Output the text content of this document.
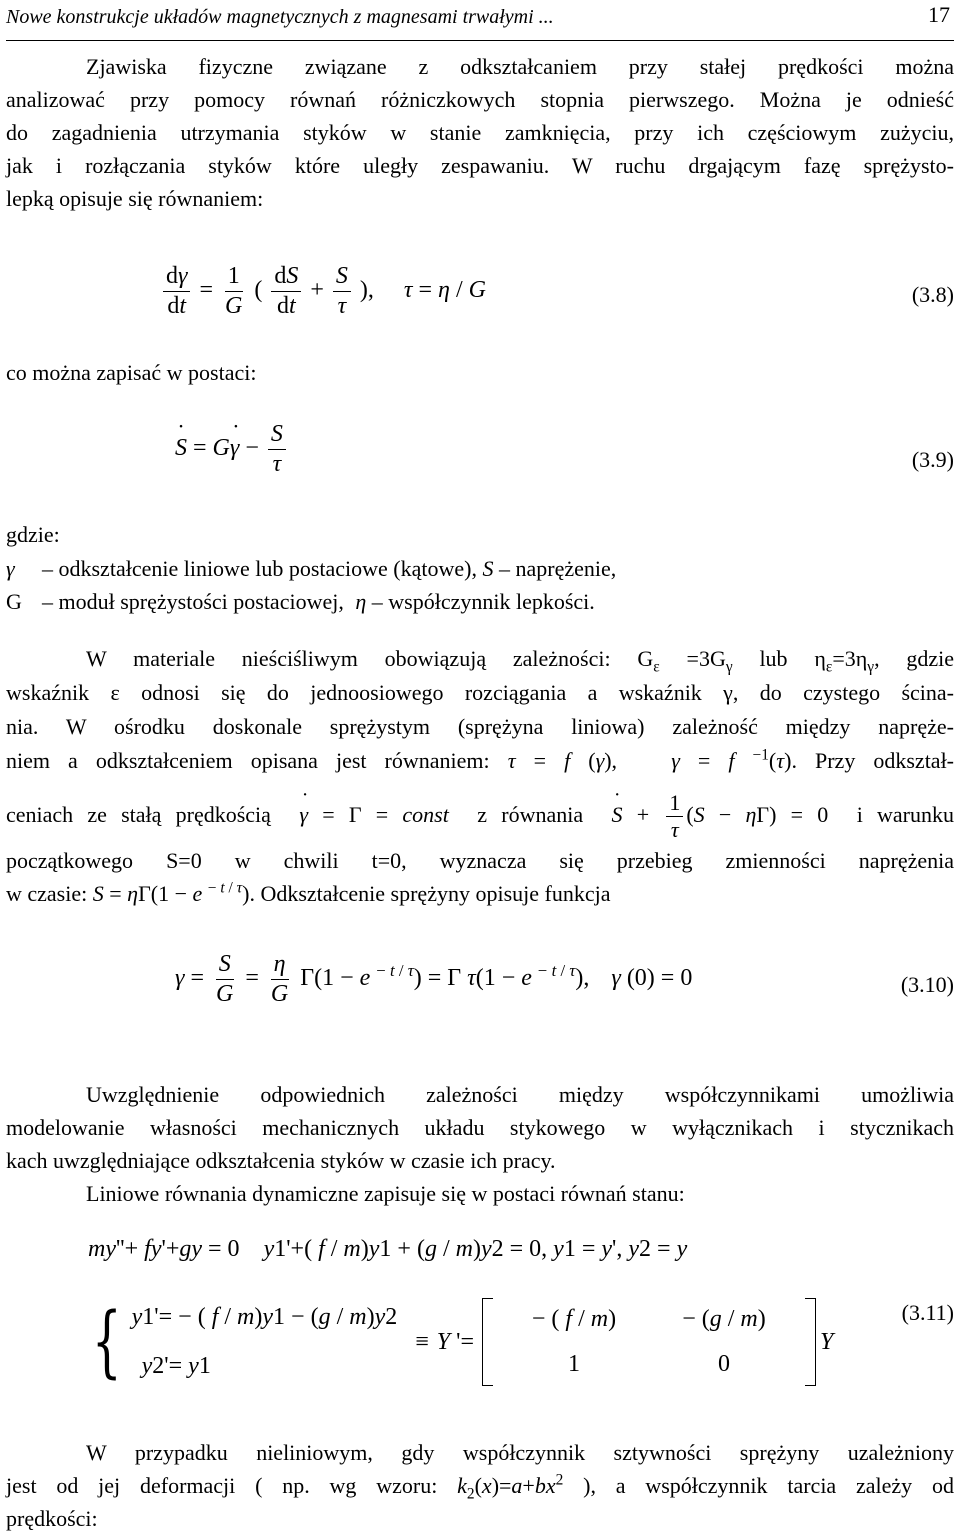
Nowe konstrukcje układów magnetycznych z magnesami trwałymi ...	17
Zjawiska fizyczne związane z odkształcaniem przy stałej prędkości można
analizować przy pomocy równań różniczkowych stopnia pierwszego. Można je odnieść
do zagadnienia utrzymania styków w stanie zamknięcia, przy ich częściowym zużyciu,
jak i rozłączania styków które uległy zespawaniu. W ruchu drgającym fazę sprężysto-
lepką opisuje się równaniem:
$\frac{d\gamma}{dt} = \frac{1}{G}$ ( $\frac{dS}{dt} + \frac{S}{\tau}$ ), τ = η / G	(3.8)
co można zapisać w postaci:
˙ S = G˙ $\gamma - \frac{S}{\tau}$	(3.9)
gdzie:
γ – odkształcenie liniowe lub postaciowe (kątowe), S – naprężenie,
G – moduł sprężystości postaciowej, η – współczynnik lepkości.
W materiale nieściśliwym obowiązują zależności: $G_\varepsilon =3G_\gamma$ lub $\eta_\varepsilon=3\eta_\gamma$, gdzie
wskaźnik ε odnosi się do jednoosiowego rozciągania a wskaźnik γ, do czystego ścina-
nia. W ośrodku doskonale sprężystym (sprężyna liniowa) zależność między napręże-
niem a odkształceniem opisana jest równaniem: τ = f (γ),   γ = f $^{-1}$(τ). Przy odkształ-
ceniach ze stałą prędkością ˙ γ = Γ = const z równania ˙ $S + \frac{1}{\tau} (S - \eta\Gamma) = 0$  i warunku
początkowego S=0 w chwili t=0, wyznacza się przebieg zmienności naprężenia
w czasie: S = ηΓ(1 − e $^{- t / \tau}$). Odkształcenie sprężyny opisuje funkcja
$\gamma = \frac{S}{G} = \frac{\eta}{G} \Gamma(1 - e$ $^{- t / \tau}$) = Γ τ(1 − e $^{- t / \tau}$), γ (0) = 0	(3.10)
Uwzględnienie odpowiednich zależności między współczynnikami umożliwia
modelowanie własności mechanicznych układu stykowego w wyłącznikach i stycznikach
kach uwzględniające odkształcenia styków w czasie ich pracy.
Liniowe równania dynamiczne zapisuje się w postaci równań stanu:
my''+ fy'+gy = 0    y1'+( f / m)y1 + (g / m)y2 = 0, y1 = y', y2 = y
{ y1'= − ( f / m)y1 − (g / m)y2
y2'= y1
≡ Y '=
− ( f / m)	− (g / m)
1	0
Y
(3.11)
W przypadku nieliniowym, gdy współczynnik sztywności sprężyny uzależniony
jest od jej deformacji ( np. wg wzoru: $k_2(x)=a+bx^2$ ), a współczynnik tarcia zależy od
prędkości:
